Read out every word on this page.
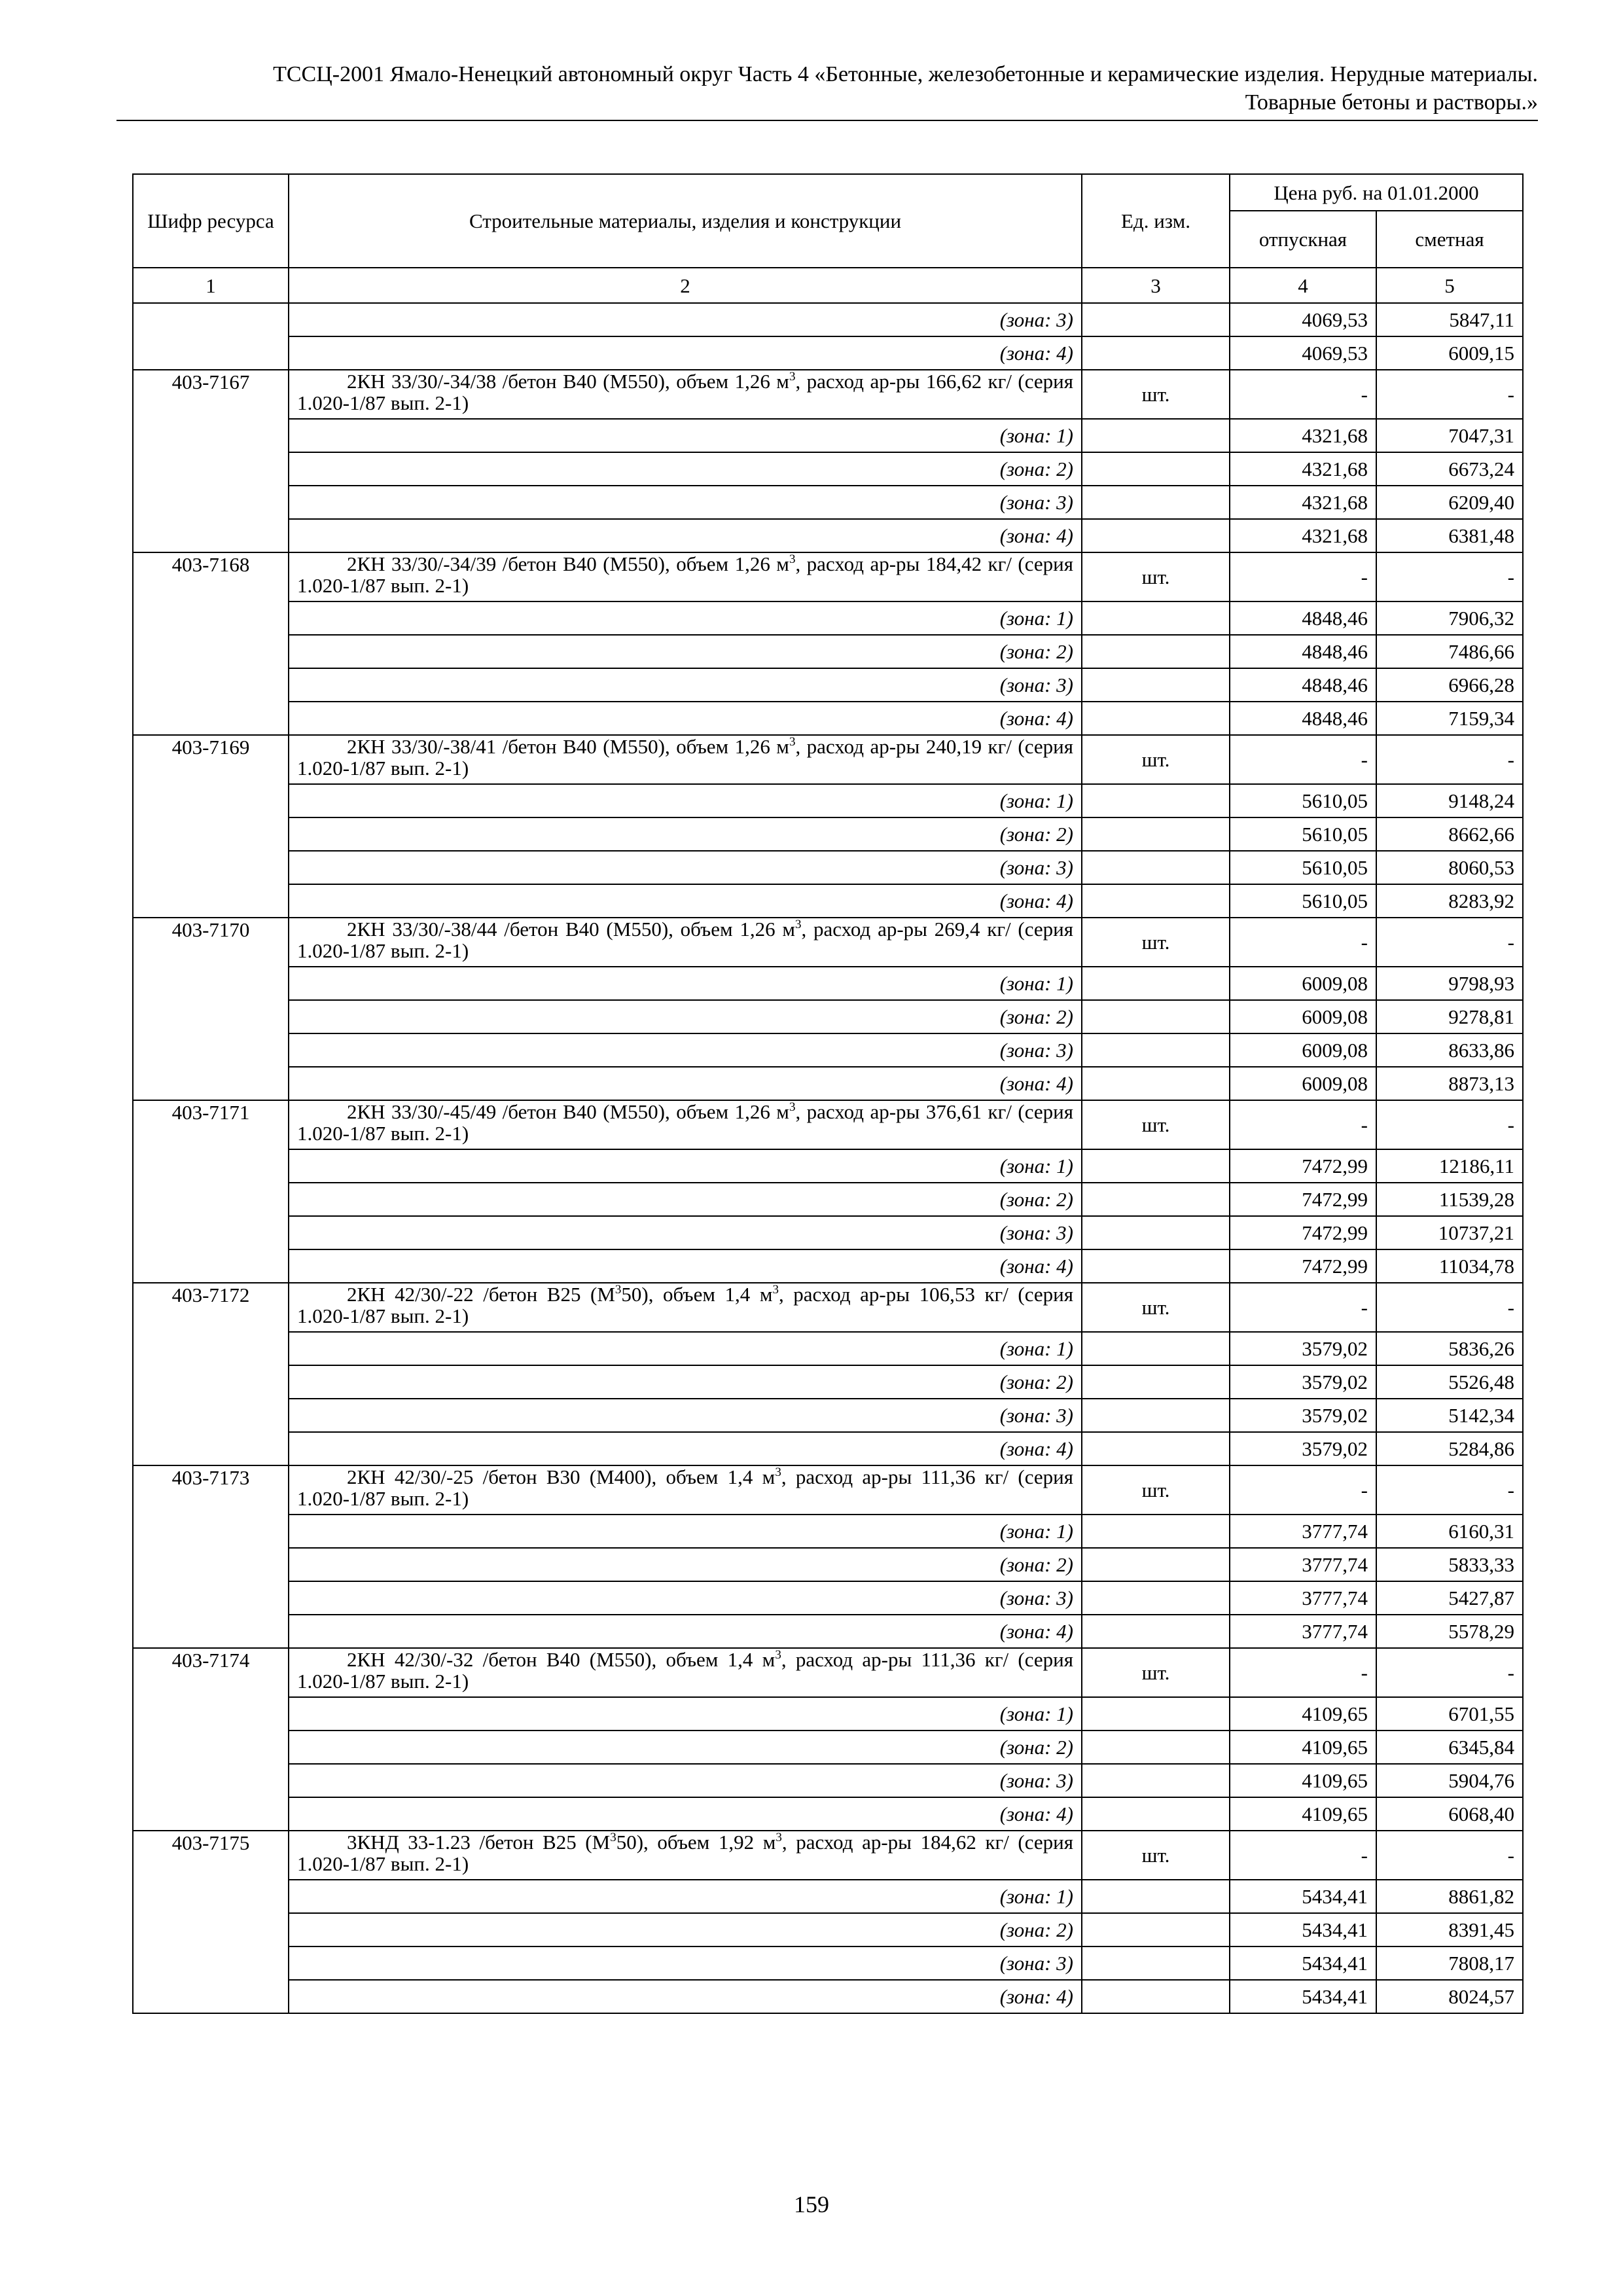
ТССЦ-2001 Ямало-Ненецкий автономный округ Часть 4 «Бетонные, железобетонные и керамические изделия. Нерудные материалы.
Товарные бетоны и растворы.»
Шифр ресурса	Строительные материалы, изделия и конструкции	Ед. изм.	Цена руб. на 01.01.2000	
			отпускная	сметная
1	2	3	4	5
	(зона: 3)		4069,53	5847,11
	(зона: 4)		4069,53	6009,15
403-7167	2КН 33/30/-34/38 /бетон В40 (М550), объем 1,26 $м^3$, расход ар-ры 166,62 кг/ (серия 1.020-1/87 вып. 2-1)	шт.	-	-
	(зона: 1)		4321,68	7047,31
	(зона: 2)		4321,68	6673,24
	(зона: 3)		4321,68	6209,40
	(зона: 4)		4321,68	6381,48
403-7168	2КН 33/30/-34/39 /бетон В40 (М550), объем 1,26 $м^3$, расход ар-ры 184,42 кг/ (серия 1.020-1/87 вып. 2-1)	шт.	-	-
	(зона: 1)		4848,46	7906,32
	(зона: 2)		4848,46	7486,66
	(зона: 3)		4848,46	6966,28
	(зона: 4)		4848,46	7159,34
403-7169	2КН 33/30/-38/41 /бетон В40 (М550), объем 1,26 $м^3$, расход ар-ры 240,19 кг/ (серия 1.020-1/87 вып. 2-1)	шт.	-	-
	(зона: 1)		5610,05	9148,24
	(зона: 2)		5610,05	8662,66
	(зона: 3)		5610,05	8060,53
	(зона: 4)		5610,05	8283,92
403-7170	2КН 33/30/-38/44 /бетон В40 (М550), объем 1,26 $м^3$, расход ар-ры 269,4 кг/ (серия 1.020-1/87 вып. 2-1)	шт.	-	-
	(зона: 1)		6009,08	9798,93
	(зона: 2)		6009,08	9278,81
	(зона: 3)		6009,08	8633,86
	(зона: 4)		6009,08	8873,13
403-7171	2КН 33/30/-45/49 /бетон В40 (М550), объем 1,26 $м^3$, расход ар-ры 376,61 кг/ (серия 1.020-1/87 вып. 2-1)	шт.	-	-
	(зона: 1)		7472,99	12186,11
	(зона: 2)		7472,99	11539,28
	(зона: 3)		7472,99	10737,21
	(зона: 4)		7472,99	11034,78
403-7172	2КН 42/30/-22 /бетон В25 $(М^350)$, объем 1,4 $м^3$, расход ар-ры 106,53 кг/ (серия 1.020-1/87 вып. 2-1)	шт.	-	-
	(зона: 1)		3579,02	5836,26
	(зона: 2)		3579,02	5526,48
	(зона: 3)		3579,02	5142,34
	(зона: 4)		3579,02	5284,86
403-7173	2КН 42/30/-25 /бетон В30 (М400), объем 1,4 $м^3$, расход ар-ры 111,36 кг/ (серия 1.020-1/87 вып. 2-1)	шт.	-	-
	(зона: 1)		3777,74	6160,31
	(зона: 2)		3777,74	5833,33
	(зона: 3)		3777,74	5427,87
	(зона: 4)		3777,74	5578,29
403-7174	2КН 42/30/-32 /бетон В40 (М550), объем 1,4 $м^3$, расход ар-ры 111,36 кг/ (серия 1.020-1/87 вып. 2-1)	шт.	-	-
	(зона: 1)		4109,65	6701,55
	(зона: 2)		4109,65	6345,84
	(зона: 3)		4109,65	5904,76
	(зона: 4)		4109,65	6068,40
403-7175	3КНД 33-1.23 /бетон В25 $(М^350)$, объем 1,92 $м^3$, расход ар-ры 184,62 кг/ (серия 1.020-1/87 вып. 2-1)	шт.	-	-
	(зона: 1)		5434,41	8861,82
	(зона: 2)		5434,41	8391,45
	(зона: 3)		5434,41	7808,17
	(зона: 4)		5434,41	8024,57
159
